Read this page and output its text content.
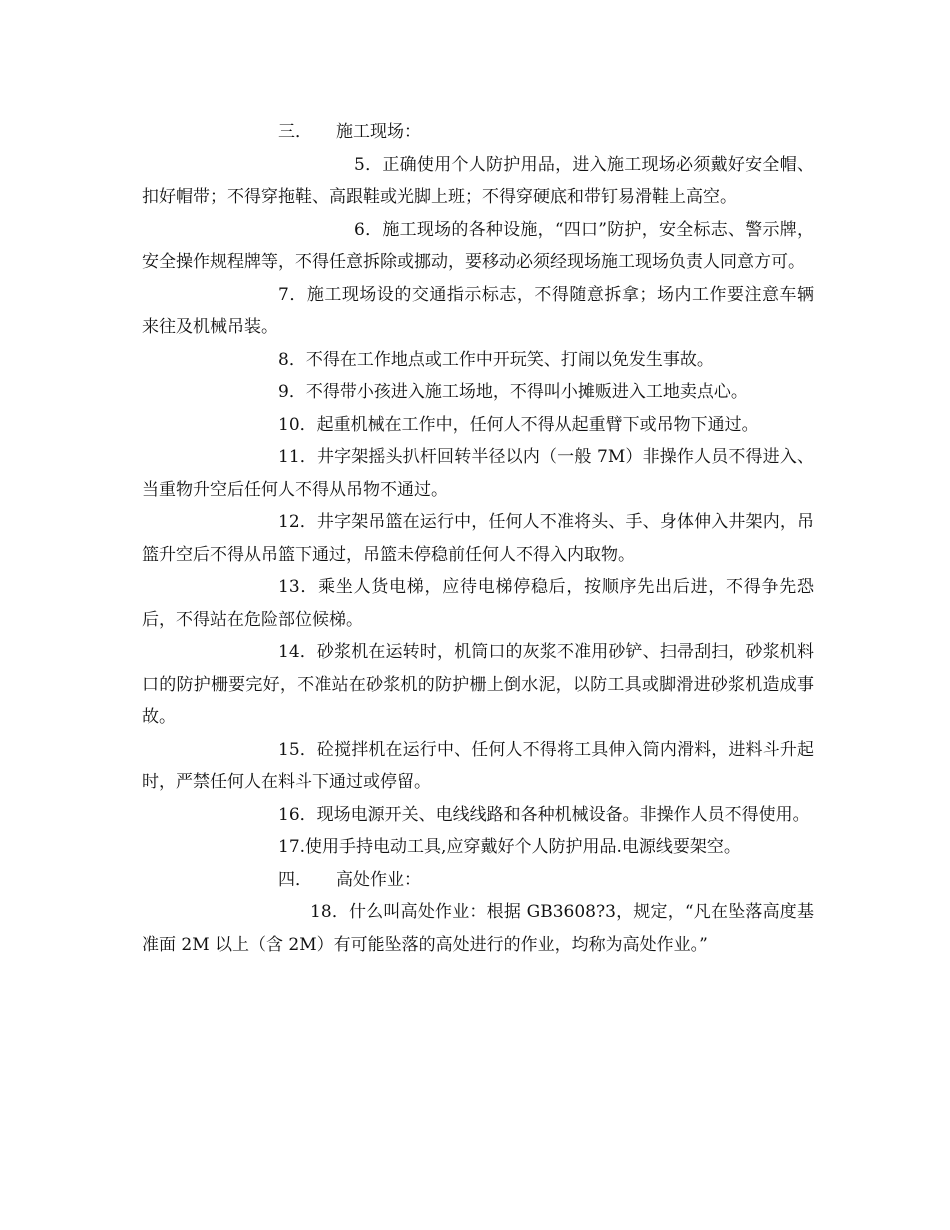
三． 施工现场：

5．正确使用个人防护用品，进入施工现场必须戴好安全帽、扣好帽带；不得穿拖鞋、高跟鞋或光脚上班；不得穿硬底和带钉易滑鞋上高空。

6．施工现场的各种设施，“四口”防护，安全标志、警示牌，安全操作规程牌等，不得任意拆除或挪动，要移动必须经现场施工现场负责人同意方可。

7．施工现场设的交通指示标志，不得随意拆拿；场内工作要注意车辆来往及机械吊装。

8．不得在工作地点或工作中开玩笑、打闹以免发生事故。

9．不得带小孩进入施工场地，不得叫小摊贩进入工地卖点心。

10．起重机械在工作中，任何人不得从起重臂下或吊物下通过。

11．井字架摇头扒杆回转半径以内（一般 7M）非操作人员不得进入、当重物升空后任何人不得从吊物不通过。

12．井字架吊篮在运行中，任何人不准将头、手、身体伸入井架内，吊篮升空后不得从吊篮下通过，吊篮未停稳前任何人不得入内取物。

13．乘坐人货电梯，应待电梯停稳后，按顺序先出后进，不得争先恐后，不得站在危险部位候梯。

14．砂浆机在运转时，机筒口的灰浆不准用砂铲、扫帚刮扫，砂浆机料口的防护栅要完好，不准站在砂浆机的防护栅上倒水泥，以防工具或脚滑进砂浆机造成事故。

15．砼搅拌机在运行中、任何人不得将工具伸入筒内滑料，进料斗升起时，严禁任何人在料斗下通过或停留。

16．现场电源开关、电线线路和各种机械设备。非操作人员不得使用。

17.使用手持电动工具,应穿戴好个人防护用品.电源线要架空。

四． 高处作业：

18．什么叫高处作业：根据 GB3608?3，规定，“凡在坠落高度基准面 2M 以上（含 2M）有可能坠落的高处进行的作业，均称为高处作业。”
